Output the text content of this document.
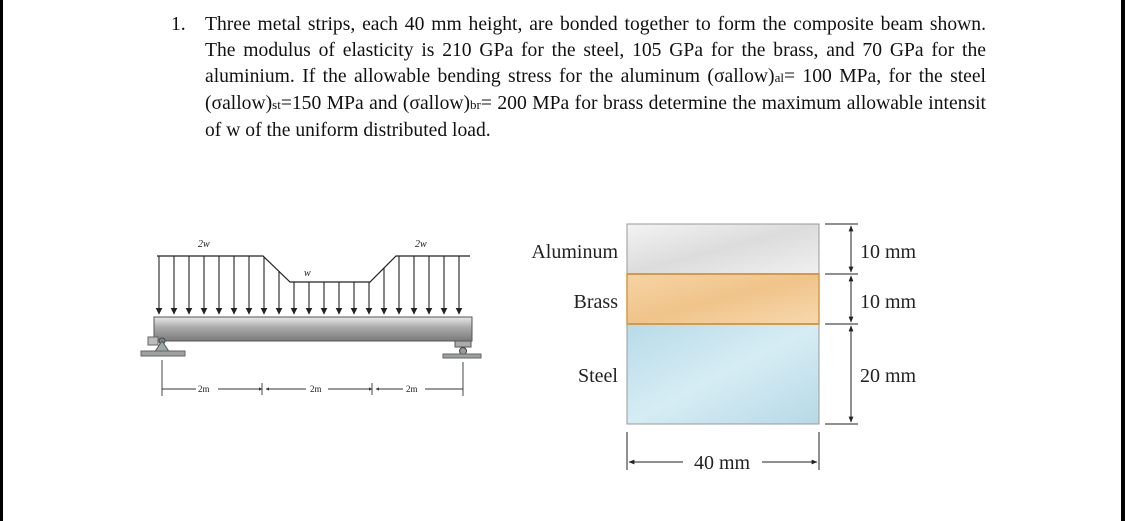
1. Three metal strips, each 40 mm height, are bonded together to form the composite beam shown. The modulus of elasticity is 210 GPa for the steel, 105 GPa for the brass, and 70 GPa for the aluminium. If the allowable bending stress for the aluminum (σallow)al= 100 MPa, for the steel (σallow)st=150 MPa and (σallow)br= 200 MPa for brass determine the maximum allowable intensit of w of the uniform distributed load.
2w
w
2w
2m	2m	2m
Aluminum
Brass
Steel
10 mm
10 mm
20 mm
40 mm
